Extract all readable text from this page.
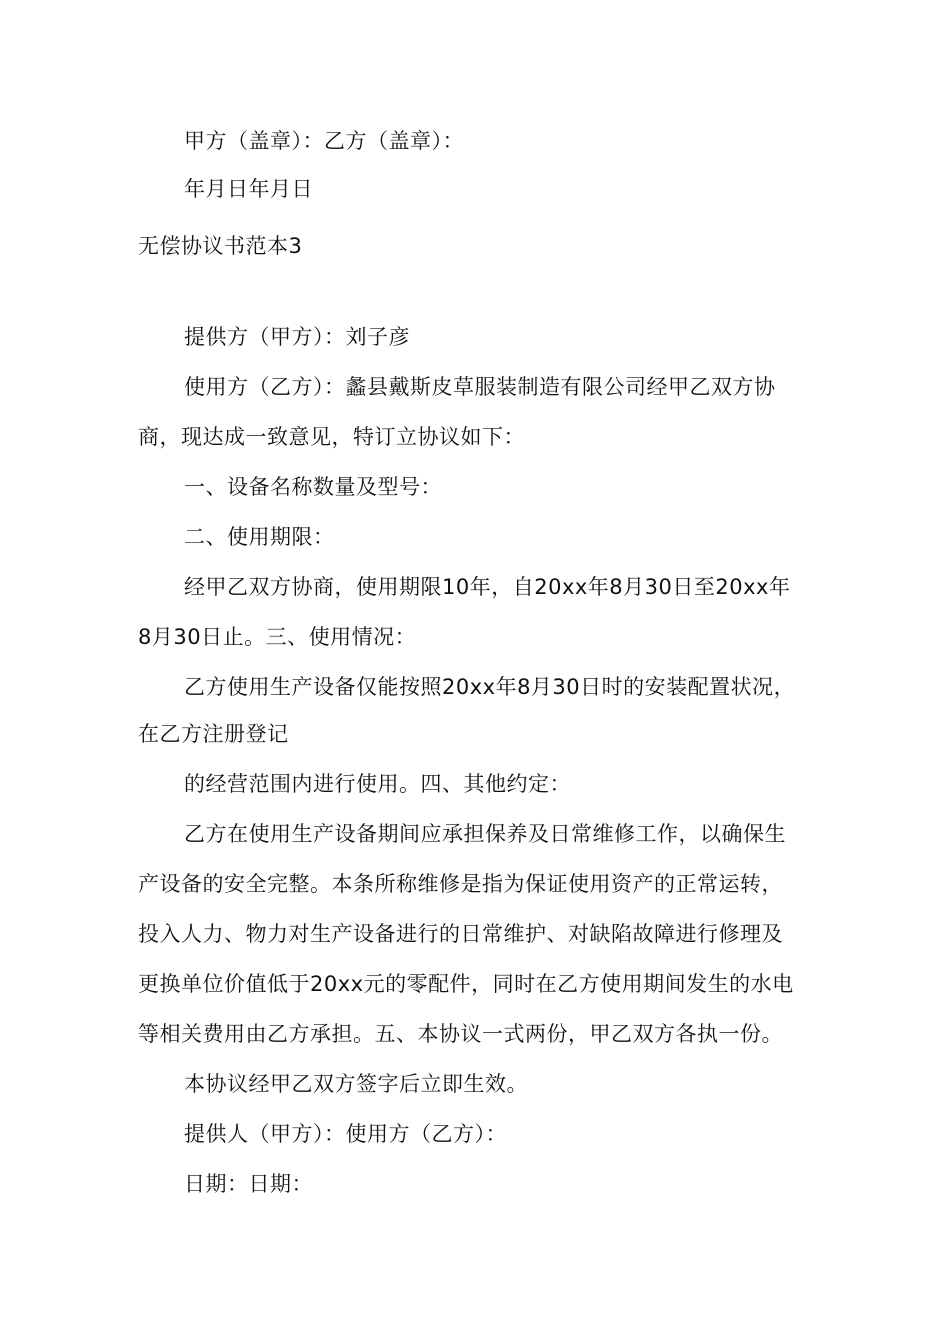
甲方（盖章）：乙方（盖章）：
年月日年月日
无偿协议书范本3
提供方（甲方）：刘子彦
使用方（乙方）：蠡县戴斯皮草服装制造有限公司经甲乙双方协
商，现达成一致意见，特订立协议如下：
一、设备名称数量及型号：
二、使用期限：
经甲乙双方协商，使用期限10年，自20xx年8月30日至20xx年
8月30日止。三、使用情况：
乙方使用生产设备仅能按照20xx年8月30日时的安装配置状况，
在乙方注册登记
的经营范围内进行使用。四、其他约定：
乙方在使用生产设备期间应承担保养及日常维修工作，以确保生
产设备的安全完整。本条所称维修是指为保证使用资产的正常运转，
投入人力、物力对生产设备进行的日常维护、对缺陷故障进行修理及
更换单位价值低于20xx元的零配件，同时在乙方使用期间发生的水电
等相关费用由乙方承担。五、本协议一式两份，甲乙双方各执一份。
本协议经甲乙双方签字后立即生效。
提供人（甲方）：使用方（乙方）：
日期：日期：
